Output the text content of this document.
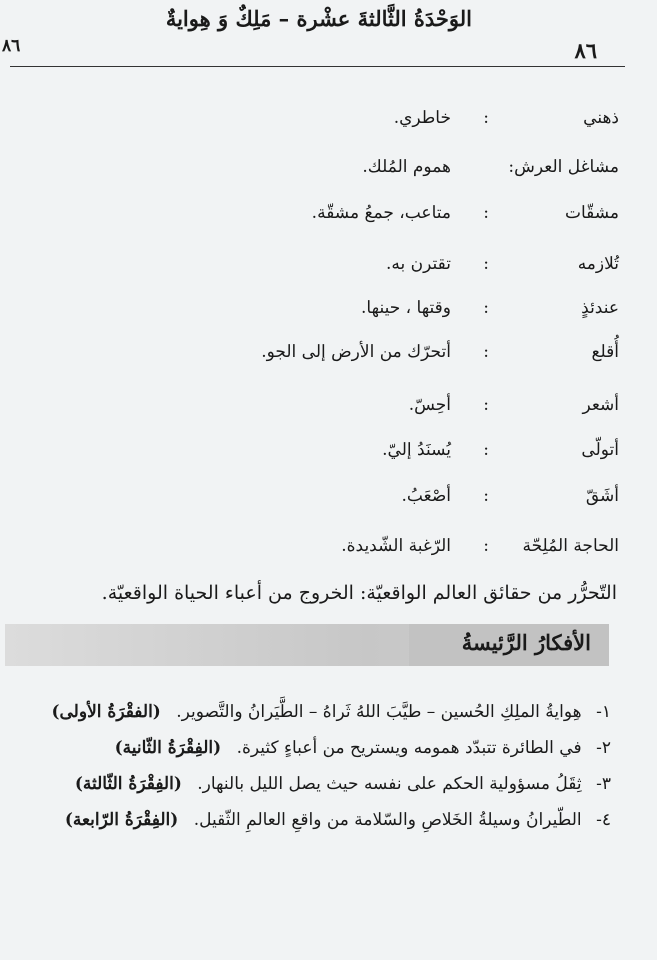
الوَحْدَةُ الثَّالثةَ عشْرة – مَلِكٌ وَ هِوايةٌ
٨٦
٨٦
ذهني
:
خاطري.
مشاغل العرش:
هموم المُلك.
مشقّات
:
متاعب، جمعُ مشقّة.
تُلازمه
:
تقترن به.
عندئذٍ
:
وقتها ، حينها.
أُقلع
:
أتحرّك من الأرض إلى الجو.
أشعر
:
أحِسّ.
أتولّى
:
يُسنَدُ إليّ.
أشَقّ
:
أصْعَبُ.
الحاجة المُلِحّة
:
الرّغبة الشّديدة.
التّحرُّر من حقائق العالم الواقعيّة: الخروج من أعباء الحياة الواقعيّة.
الأفكارُ الرَّئيسةُ
١- هِوايةُ الملِكِ الحُسين – طيَّبَ اللهُ ثَراهُ – الطَّيَرانُ والتَّصوير. (الفقْرَةُ الأولى)
٢- في الطائرة تتبدّد همومه ويستريح من أعباءٍ كثيرة. (الفِقْرَةُ الثّانية)
٣- ثِقَلُ مسؤولية الحكم على نفسه حيث يصل الليل بالنهار. (الفِقْرَةُ الثّالثة)
٤- الطّيرانُ وسيلةُ الخَلاصِ والسّلامة من واقعِ العالمِ الثّقيل. (الفِقْرَةُ الرّابعة)
